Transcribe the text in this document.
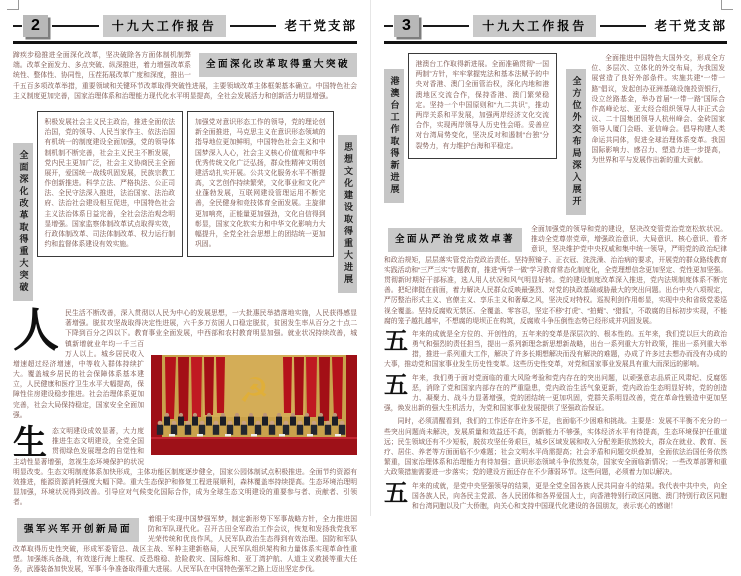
2	十九大工作报告	老干党支部
全面深化改革取得重大突破

蹄疾步稳推进全面深化改革，坚决破除各方面体制机制弊端。改革全面发力、多点突破、纵深推进，着力增强改革系统性、整体性、协同性，压茬拓展改革广度和深度，推出一千五百多项改革举措，重要领域和关键环节改革取得突破性进展，主要领域改革主体框架基本确立。中国特色社会主义制度更加完善，国家治理体系和治理能力现代化水平明显提高，全社会发展活力和创新活力明显增强。

全面深化改革取得重大突破

积极发展社会主义民主政治，推进全面依法治国，党的领导、人民当家作主、依法治国有机统一的制度建设全面加强，党的领导体制机制不断完善，社会主义民主不断发展，党内民主更加广泛，社会主义协商民主全面展开，爱国统一战线巩固发展，民族宗教工作创新推进。科学立法、严格执法、公正司法、全民守法深入推进，法治国家、法治政府、法治社会建设相互促进，中国特色社会主义法治体系日益完善，全社会法治观念明显增强。国家监察体制改革试点取得实效，行政体制改革、司法体制改革、权力运行制约和监督体系建设有效实施。

加强党对意识形态工作的领导，党的理论创新全面推进，马克思主义在意识形态领域的指导地位更加鲜明，中国特色社会主义和中国梦深入人心，社会主义核心价值观和中华优秀传统文化广泛弘扬，群众性精神文明创建活动扎实开展。公共文化服务水平不断提高，文艺创作持续繁荣，文化事业和文化产业蓬勃发展，互联网建设管理运用不断完善，全民健身和竞技体育全面发展。主旋律更加响亮，正能量更加强劲，文化自信得到彰显，国家文化软实力和中华文化影响力大幅提升，全党全社会思想上的团结统一更加巩固。	思想文化建设取得重大进展
人民生活不断改善，深入贯彻以人民为中心的发展思想，一大批惠民举措落地实施，人民获得感显著增强。脱贫攻坚战取得决定性进展，六千多万贫困人口稳定脱贫，贫困发生率从百分之十点二下降到百分之四以下。教育事业全面发展，中西部和农村教育明显加强。就业状况持续改善，
☭
城镇新增就业年均一千三百万人以上。城乡居民收入增速超过经济增速，中等收入群体持续扩大。覆盖城乡居民的社会保障体系基本建立，人民健康和医疗卫生水平大幅提高，保障性住房建设稳步推进。社会治理体系更加完善，社会大局保持稳定，国家安全全面加强。

生态文明建设成效显著，大力度推进生态文明建设，全党全国贯彻绿色发展理念的自觉性和主动性显著增强，忽视生态环境保护的状况明显改变。生态文明制度体系加快形成，主体功能区制度逐步健全，国家公园体制试点积极推进。全面节约资源有效推进，能源资源消耗强度大幅下降。重大生态保护和修复工程进展顺利，森林覆盖率持续提高。生态环境治理明显加强，环境状况得到改善。引导应对气候变化国际合作，成为全球生态文明建设的重要参与者、贡献者、引领者。

强军兴军开创新局面

着眼于实现中国梦强军梦，制定新形势下军事战略方针，全力推进国防和军队现代化。召开古田全军政治工作会议，恢复和发扬我党我军光荣传统和优良作风，人民军队政治生态得到有效治理。国防和军队改革取得历史性突破，形成军委管总、战区主战、军种主建新格局，人民军队组织架构和力量体系实现革命性重塑。加强练兵备战，有效遂行海上维权、反恐维稳、抢险救灾、国际维和、亚丁湾护航、人道主义救援等重大任务，武器装备加快发展，军事斗争准备取得重大进展。人民军队在中国特色强军之路上迈出坚定步伐。

3	十九大工作报告	老干党支部
港澳台工作取得新进展

港澳台工作取得新进展。全面准确贯彻“一国两制”方针，牢牢掌握宪法和基本法赋予的中央对香港、澳门全面管治权，深化内地和港澳地区交流合作，保持香港、澳门繁荣稳定。坚持一个中国原则和“九二共识”，推动两岸关系和平发展，加强两岸经济文化交流合作，实现两岸领导人历史性会晤。妥善应对台湾局势变化，坚决反对和遏制“台独”分裂势力，有力维护台海和平稳定。	全方位外交布局深入展开

全面推进中国特色大国外交，形成全方位、多层次、立体化的外交布局，为我国发展营造了良好外部条件。实施共建“一带一路”倡议，发起创办亚洲基础设施投资银行，设立丝路基金，举办首届“一带一路”国际合作高峰论坛、亚太经合组织领导人非正式会议、二十国集团领导人杭州峰会、金砖国家领导人厦门会晤、亚信峰会。倡导构建人类命运共同体，促进全球治理体系变革。我国国际影响力、感召力、塑造力进一步提高，为世界和平与发展作出新的重大贡献。

全面从严治党成效卓著

全面加强党的领导和党的建设，坚决改变管党治党宽松软状况。推动全党尊崇党章，增强政治意识、大局意识、核心意识、看齐意识，坚决维护党中央权威和集中统一领导，严明党的政治纪律和政治规矩，层层落实管党治党政治责任。坚持照镜子、正衣冠、洗洗澡、治治病的要求，开展党的群众路线教育实践活动和“三严三实”专题教育，推进“两学一做”学习教育常态化制度化，全党理想信念更加坚定、党性更加坚强。贯彻新时期好干部标准，选人用人状况和风气明显好转。党的建设制度改革深入推进，党内法规制度体系不断完善。把纪律挺在前面，着力解决人民群众反映最强烈、对党的执政基础威胁最大的突出问题。出台中央八项规定，严厉整治形式主义、官僚主义、享乐主义和奢靡之风，坚决反对特权。巡视利剑作用彰显，实现中央和省级党委巡视全覆盖。坚持反腐败无禁区、全覆盖、零容忍，坚定不移“打虎”、“拍蝇”、“猎狐”，不敢腐的目标初步实现，不能腐的笼子越扎越牢，不想腐的堤坝正在构筑，反腐败斗争压倒性态势已经形成并巩固发展。

五年来的成就是全方位的、开创性的，五年来的变革是深层次的、根本性的。五年来，我们党以巨大的政治勇气和强烈的责任担当，提出一系列新理念新思想新战略，出台一系列重大方针政策，推出一系列重大举措，推进一系列重大工作，解决了许多长期想解决而没有解决的难题，办成了许多过去想办而没有办成的大事，推动党和国家事业发生历史性变革。这些历史性变革，对党和国家事业发展具有重大而深远的影响。

五年来，我们勇于面对党面临的重大风险考验和党内存在的突出问题，以顽强意志品质正风肃纪、反腐惩恶，消除了党和国家内部存在的严重隐患，党内政治生活气象更新，党内政治生态明显好转，党的创造力、凝聚力、战斗力显著增强，党的团结统一更加巩固，党群关系明显改善，党在革命性锻造中更加坚强，焕发出新的强大生机活力，为党和国家事业发展提供了坚强政治保证。

同时，必须清醒看到，我们的工作还存在许多不足，也面临不少困难和挑战。主要是：发展不平衡不充分的一些突出问题尚未解决，发展质量和效益还不高，创新能力不够强，实体经济水平有待提高，生态环境保护任重道远；民生领域还有不少短板，脱贫攻坚任务艰巨，城乡区域发展和收入分配差距依然较大，群众在就业、教育、医疗、居住、养老等方面面临不少难题；社会文明水平尚需提高；社会矛盾和问题交织叠加，全面依法治国任务依然繁重，国家治理体系和治理能力有待加强；意识形态领域斗争依然复杂，国家安全面临新情况；一些改革部署和重大政策措施需要进一步落实；党的建设方面还存在不少薄弱环节。这些问题，必须着力加以解决。

五年来的成就，是党中央坚强领导的结果，更是全党全国各族人民共同奋斗的结果。我代表中共中央，向全国各族人民，向各民主党派、各人民团体和各界爱国人士，向香港特别行政区同胞、澳门特别行政区同胞和台湾同胞以及广大侨胞，向关心和支持中国现代化建设的各国朋友，表示衷心的感谢！
